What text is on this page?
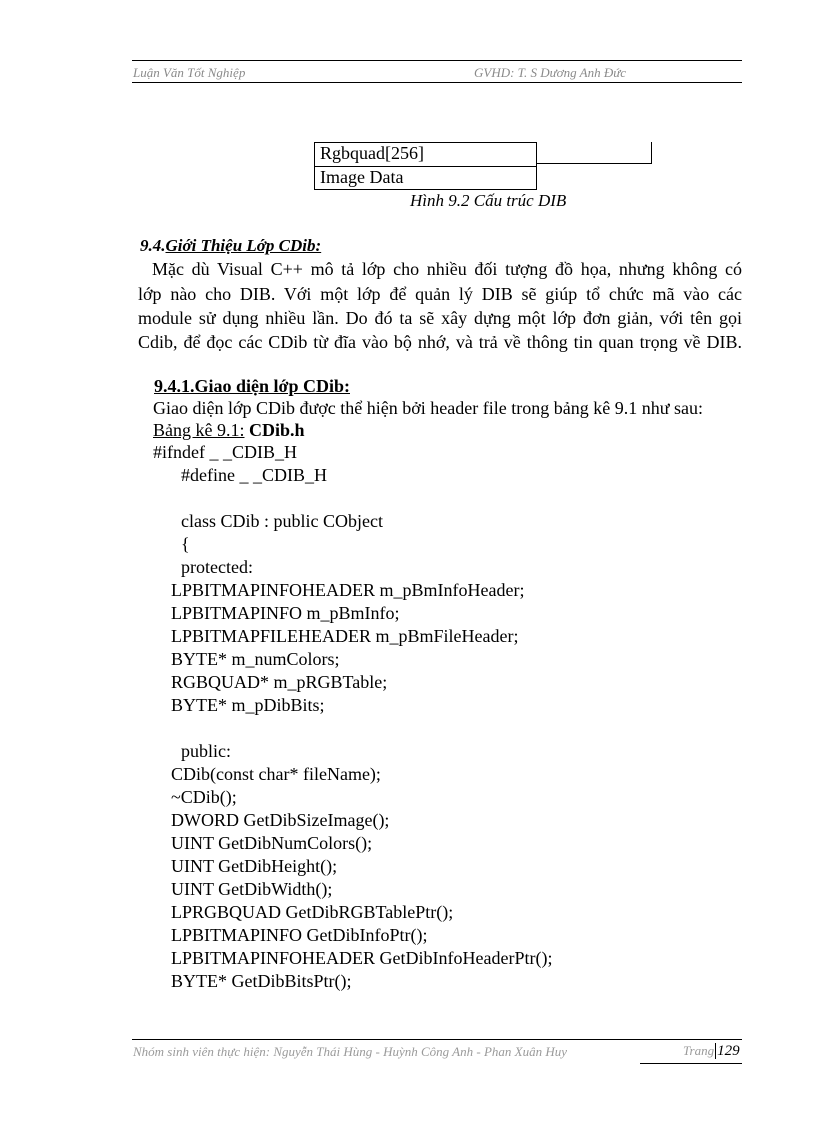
Luận Văn Tốt Nghiệp	GVHD: T. S Dương Anh Đức
Rgbquad[256]
Image Data
Hình 9.2 Cấu trúc DIB
9.4.Giới Thiệu Lớp CDib:
Mặc dù Visual C++ mô tả lớp cho nhiều đối tượng đồ họa, nhưng không có
lớp nào cho DIB. Với một lớp để quản lý DIB sẽ giúp tổ chức mã vào các
module sử dụng nhiều lần. Do đó ta sẽ xây dựng một lớp đơn giản, với tên gọi
Cdib, để đọc các CDib từ đĩa vào bộ nhớ, và trả về thông tin quan trọng về DIB.
9.4.1.Giao diện lớp CDib:
Giao diện lớp CDib được thể hiện bởi header file trong bảng kê 9.1 như sau:
Bảng kê 9.1: CDib.h
#ifndef _ _CDIB_H
#define _ _CDIB_H
class CDib : public CObject
{
protected:
LPBITMAPINFOHEADER m_pBmInfoHeader;
LPBITMAPINFO m_pBmInfo;
LPBITMAPFILEHEADER m_pBmFileHeader;
BYTE* m_numColors;
RGBQUAD* m_pRGBTable;
BYTE* m_pDibBits;
public:
CDib(const char* fileName);
~CDib();
DWORD GetDibSizeImage();
UINT GetDibNumColors();
UINT GetDibHeight();
UINT GetDibWidth();
LPRGBQUAD GetDibRGBTablePtr();
LPBITMAPINFO GetDibInfoPtr();
LPBITMAPINFOHEADER GetDibInfoHeaderPtr();
BYTE* GetDibBitsPtr();
Nhóm sinh viên thực hiện: Nguyễn Thái Hùng - Huỳnh Công Anh - Phan Xuân Huy	Trang 129
